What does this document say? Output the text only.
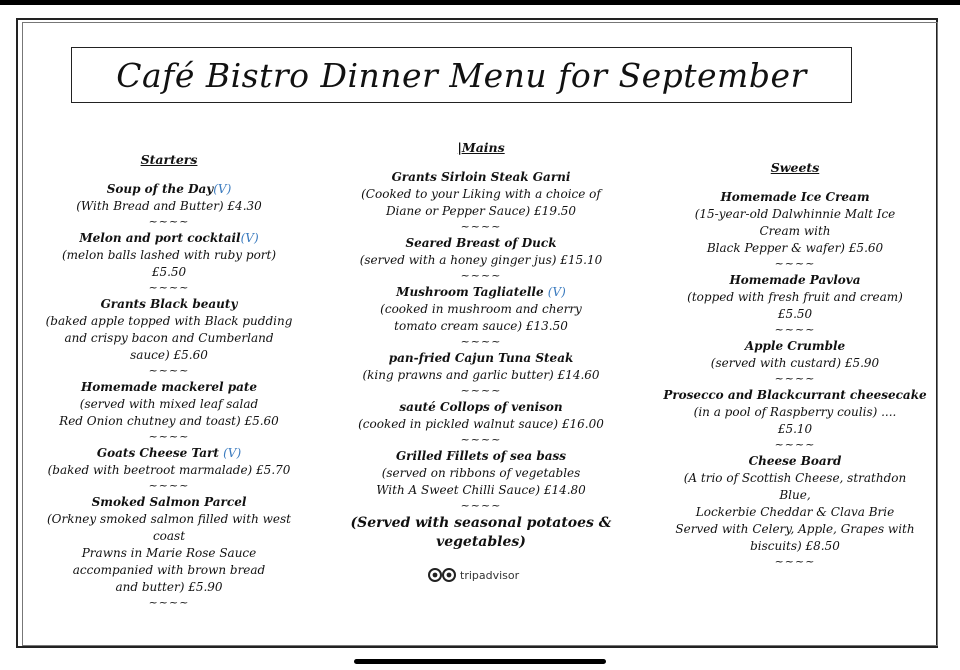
Café Bistro Dinner Menu for September
Starters
Soup of the Day(V)
(With Bread and Butter) £4.30
~~~~
Melon and port cocktail(V)
(melon balls lashed with ruby port)
£5.50
~~~~
Grants Black beauty
(baked apple topped with Black pudding
and crispy bacon and Cumberland
sauce) £5.60
~~~~
Homemade mackerel pate
(served with mixed leaf salad
Red Onion chutney and toast) £5.60
~~~~
Goats Cheese Tart (V)
(baked with beetroot marmalade) £5.70
~~~~
Smoked Salmon Parcel
(Orkney smoked salmon filled with west
coast
Prawns in Marie Rose Sauce
accompanied with brown bread
and butter) £5.90
~~~~
|Mains
Grants Sirloin Steak Garni
(Cooked to your Liking with a choice of
Diane or Pepper Sauce) £19.50
~~~~
Seared Breast of Duck
(served with a honey ginger jus) £15.10
~~~~
Mushroom Tagliatelle (V)
(cooked in mushroom and cherry
tomato cream sauce) £13.50
~~~~
pan-fried Cajun Tuna Steak
(king prawns and garlic butter) £14.60
~~~~
sauté Collops of venison
(cooked in pickled walnut sauce) £16.00
~~~~
Grilled Fillets of sea bass
(served on ribbons of vegetables
With A Sweet Chilli Sauce) £14.80
~~~~
(Served with seasonal potatoes &
vegetables)
Sweets
Homemade Ice Cream
(15-year-old Dalwhinnie Malt Ice
Cream with
Black Pepper & wafer) £5.60
~~~~
Homemade Pavlova
(topped with fresh fruit and cream)
£5.50
~~~~
Apple Crumble
(served with custard) £5.90
~~~~
Prosecco and Blackcurrant cheesecake
(in a pool of Raspberry coulis) ....
£5.10
~~~~
Cheese Board
(A trio of Scottish Cheese, strathdon
Blue,
Lockerbie Cheddar & Clava Brie
Served with Celery, Apple, Grapes with
biscuits) £8.50
~~~~
tripadvisor
